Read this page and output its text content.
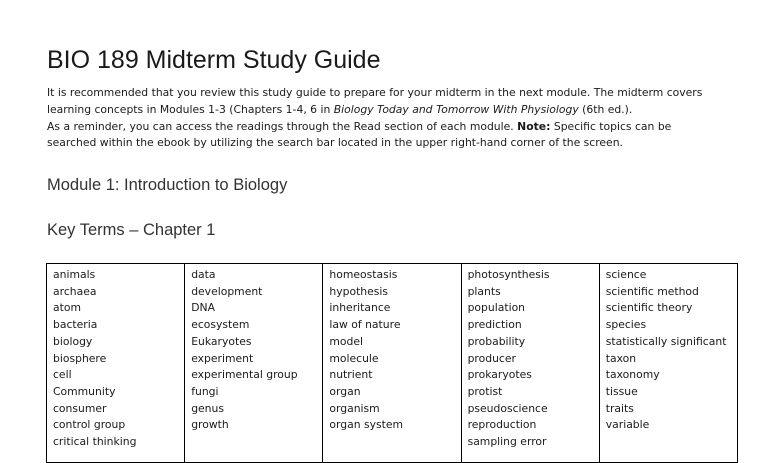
BIO 189 Midterm Study Guide

It is recommended that you review this study guide to prepare for your midterm in the next module. The midterm covers

learning concepts in Modules 1-3 (Chapters 1-4, 6 in Biology Today and Tomorrow With Physiology (6th ed.).

As a reminder, you can access the readings through the Read section of each module. Note: Specific topics can be

searched within the ebook by utilizing the search bar located in the upper right-hand corner of the screen.

Module 1: Introduction to Biology
Key Terms – Chapter 1
animals
archaea
atom
bacteria
biology
biosphere
cell
Community
consumer
control group
critical thinking

data
development
DNA
ecosystem
Eukaryotes
experiment
experimental group
fungi
genus
growth

homeostasis
hypothesis
inheritance
law of nature
model
molecule
nutrient
organ
organism
organ system

photosynthesis
plants
population
prediction
probability
producer
prokaryotes
protist
pseudoscience
reproduction
sampling error

science
scientific method
scientific theory
species
statistically significant
taxon
taxonomy
tissue
traits
variable
